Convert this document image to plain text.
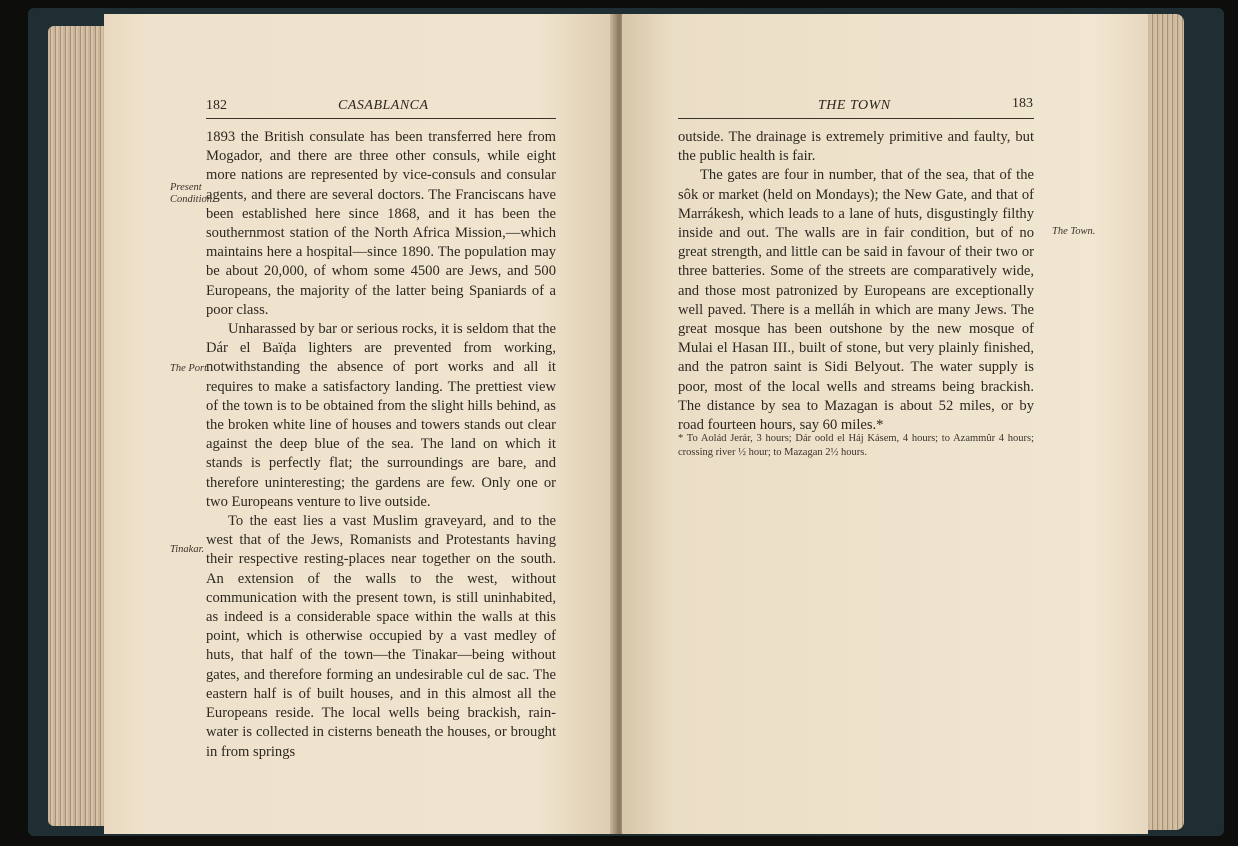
182	CASABLANCA
Present Condition.
The Port.
Tinakar.

1893 the British consulate has been transferred here from Mogador, and there are three other consuls, while eight more nations are represented by vice-consuls and consular agents, and there are several doctors. The Franciscans have been established here since 1868, and it has been the southernmost station of the North Africa Mission,—which maintains here a hospital—since 1890. The population may be about 20,000, of whom some 4500 are Jews, and 500 Europeans, the majority of the latter being Spaniards of a poor class.

Unharassed by bar or serious rocks, it is seldom that the Dár el Baïḍa lighters are prevented from working, notwithstanding the absence of port works and all it requires to make a satisfactory landing. The prettiest view of the town is to be obtained from the slight hills behind, as the broken white line of houses and towers stands out clear against the deep blue of the sea. The land on which it stands is perfectly flat; the surroundings are bare, and therefore uninteresting; the gardens are few. Only one or two Europeans venture to live outside.

To the east lies a vast Muslim graveyard, and to the west that of the Jews, Romanists and Protestants having their respective resting-places near together on the south. An extension of the walls to the west, without communication with the present town, is still uninhabited, as indeed is a considerable space within the walls at this point, which is otherwise occupied by a vast medley of huts, that half of the town—the Tinakar—being without gates, and therefore forming an undesirable cul de sac. The eastern half is of built houses, and in this almost all the Europeans reside. The local wells being brackish, rain-water is collected in cisterns beneath the houses, or brought in from springs

THE TOWN	183
The Town.

outside. The drainage is extremely primitive and faulty, but the public health is fair.

The gates are four in number, that of the sea, that of the sôk or market (held on Mondays); the New Gate, and that of Marrákesh, which leads to a lane of huts, disgustingly filthy inside and out. The walls are in fair condition, but of no great strength, and little can be said in favour of their two or three batteries. Some of the streets are comparatively wide, and those most patronized by Europeans are exceptionally well paved. There is a melláh in which are many Jews. The great mosque has been outshone by the new mosque of Mulai el Hasan III., built of stone, but very plainly finished, and the patron saint is Sidi Belyout. The water supply is poor, most of the local wells and streams being brackish. The distance by sea to Mazagan is about 52 miles, or by road fourteen hours, say 60 miles.*

* To Aolád Jerár, 3 hours; Dár oold el Háj Kásem, 4 hours; to Azammûr 4 hours; crossing river ½ hour; to Mazagan 2½ hours.
